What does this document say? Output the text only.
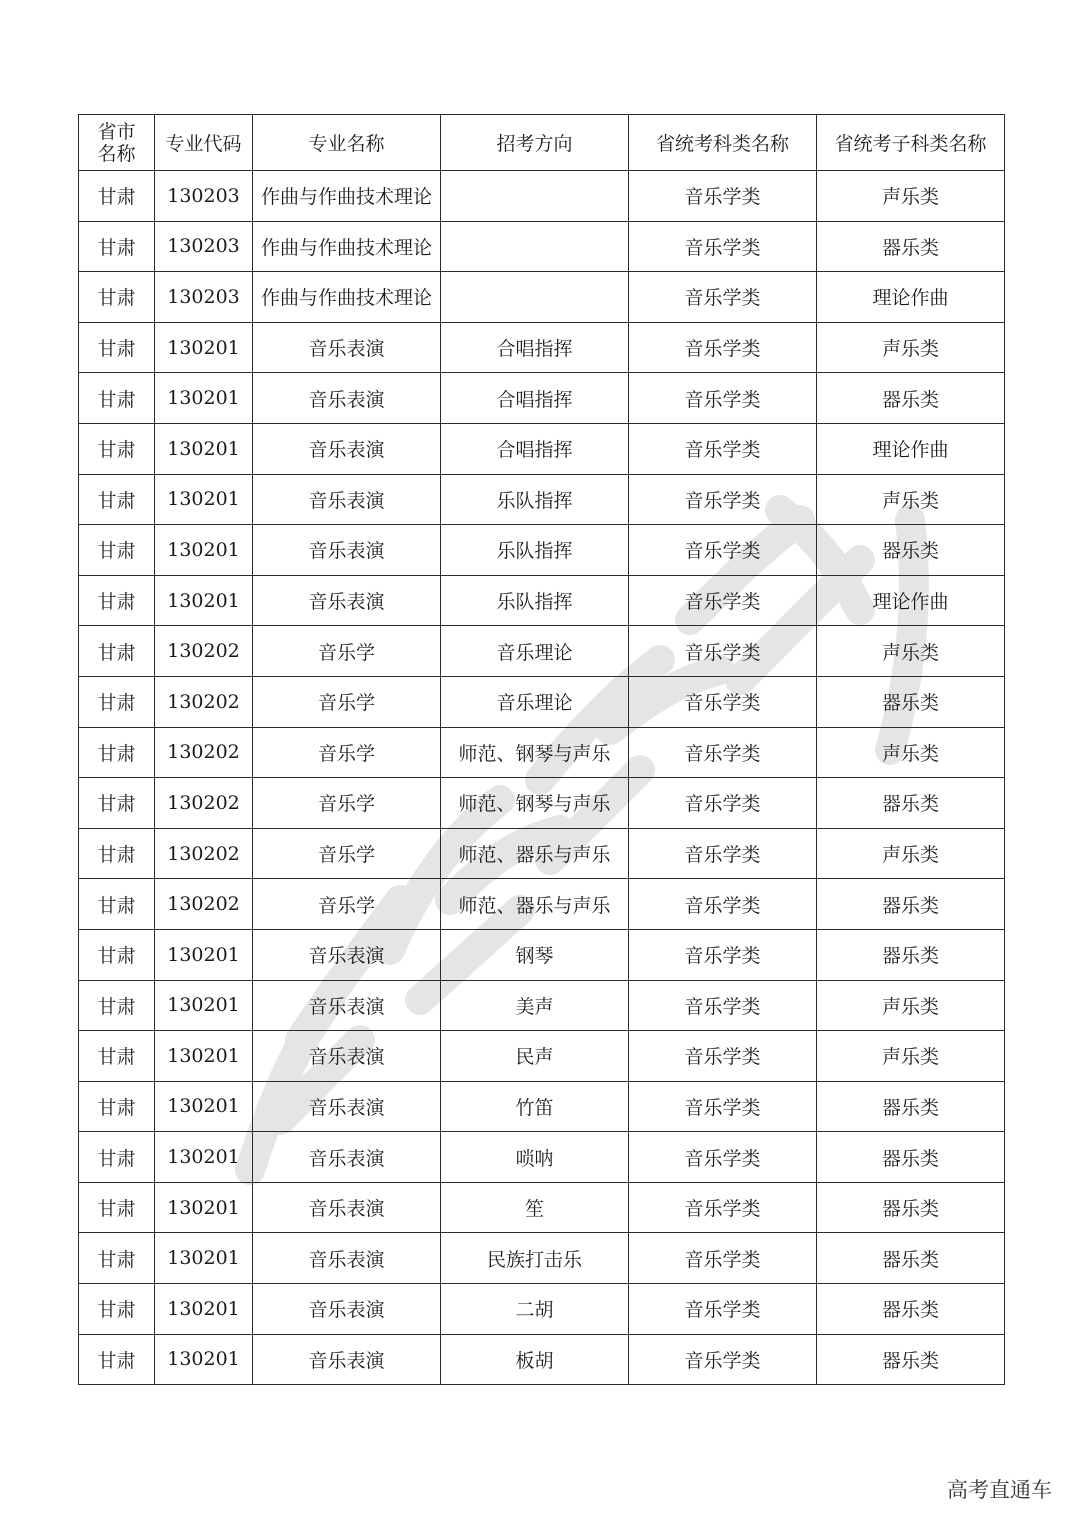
省市名称	专业代码	专业名称	招考方向	省统考科类名称	省统考子科类名称
甘肃	130203	作曲与作曲技术理论		音乐学类	声乐类
甘肃	130203	作曲与作曲技术理论		音乐学类	器乐类
甘肃	130203	作曲与作曲技术理论		音乐学类	理论作曲
甘肃	130201	音乐表演	合唱指挥	音乐学类	声乐类
甘肃	130201	音乐表演	合唱指挥	音乐学类	器乐类
甘肃	130201	音乐表演	合唱指挥	音乐学类	理论作曲
甘肃	130201	音乐表演	乐队指挥	音乐学类	声乐类
甘肃	130201	音乐表演	乐队指挥	音乐学类	器乐类
甘肃	130201	音乐表演	乐队指挥	音乐学类	理论作曲
甘肃	130202	音乐学	音乐理论	音乐学类	声乐类
甘肃	130202	音乐学	音乐理论	音乐学类	器乐类
甘肃	130202	音乐学	师范、钢琴与声乐	音乐学类	声乐类
甘肃	130202	音乐学	师范、钢琴与声乐	音乐学类	器乐类
甘肃	130202	音乐学	师范、器乐与声乐	音乐学类	声乐类
甘肃	130202	音乐学	师范、器乐与声乐	音乐学类	器乐类
甘肃	130201	音乐表演	钢琴	音乐学类	器乐类
甘肃	130201	音乐表演	美声	音乐学类	声乐类
甘肃	130201	音乐表演	民声	音乐学类	声乐类
甘肃	130201	音乐表演	竹笛	音乐学类	器乐类
甘肃	130201	音乐表演	唢呐	音乐学类	器乐类
甘肃	130201	音乐表演	笙	音乐学类	器乐类
甘肃	130201	音乐表演	民族打击乐	音乐学类	器乐类
甘肃	130201	音乐表演	二胡	音乐学类	器乐类
甘肃	130201	音乐表演	板胡	音乐学类	器乐类
高考直通车
